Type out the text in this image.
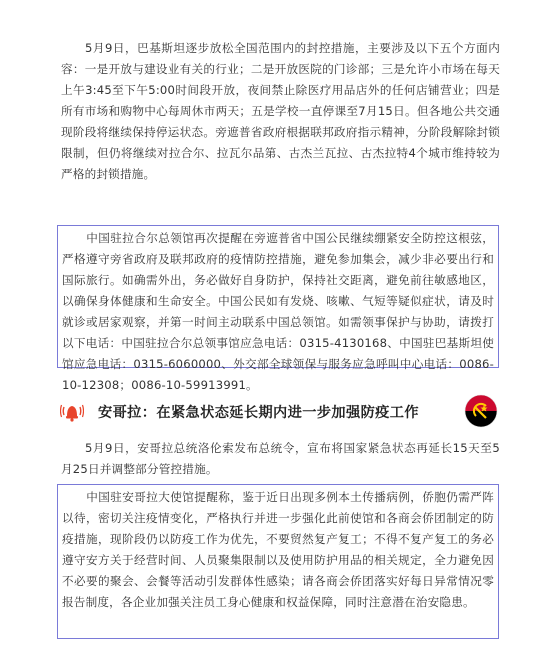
5月9日，巴基斯坦逐步放松全国范围内的封控措施，主要涉及以下五个方面内容：一是开放与建设业有关的行业；二是开放医院的门诊部；三是允许小市场在每天上午3:45至下午5:00时间段开放，夜间禁止除医疗用品店外的任何店铺营业；四是所有市场和购物中心每周休市两天；五是学校一直停课至7月15日。但各地公共交通现阶段将继续保持停运状态。旁遮普省政府根据联邦政府指示精神，分阶段解除封锁限制，但仍将继续对拉合尔、拉瓦尔品第、古杰兰瓦拉、古杰拉特4个城市维持较为严格的封锁措施。

中国驻拉合尔总领馆再次提醒在旁遮普省中国公民继续绷紧安全防控这根弦，严格遵守旁省政府及联邦政府的疫情防控措施，避免参加集会，减少非必要出行和国际旅行。如确需外出，务必做好自身防护，保持社交距离，避免前往敏感地区，以确保身体健康和生命安全。中国公民如有发烧、咳嗽、气短等疑似症状，请及时就诊或居家观察，并第一时间主动联系中国总领馆。如需领事保护与协助，请拨打以下电话：中国驻拉合尔总领事馆应急电话：0315-4130168、中国驻巴基斯坦使馆应急电话：0315-6060000、外交部全球领保与服务应急呼叫中心电话：0086-10-12308；0086-10-59913991。
安哥拉：在紧急状态延长期内进一步加强防疫工作

5月9日，安哥拉总统洛伦索发布总统令，宣布将国家紧急状态再延长15天至5月25日并调整部分管控措施。

中国驻安哥拉大使馆提醒称，鉴于近日出现多例本土传播病例，侨胞仍需严阵以待，密切关注疫情变化，严格执行并进一步强化此前使馆和各商会侨团制定的防疫措施，现阶段仍以防疫工作为优先，不要贸然复产复工；不得不复产复工的务必遵守安方关于经营时间、人员聚集限制以及使用防护用品的相关规定，全力避免因不必要的聚会、会餐等活动引发群体性感染；请各商会侨团落实好每日异常情况零报告制度，各企业加强关注员工身心健康和权益保障，同时注意潜在治安隐患。
